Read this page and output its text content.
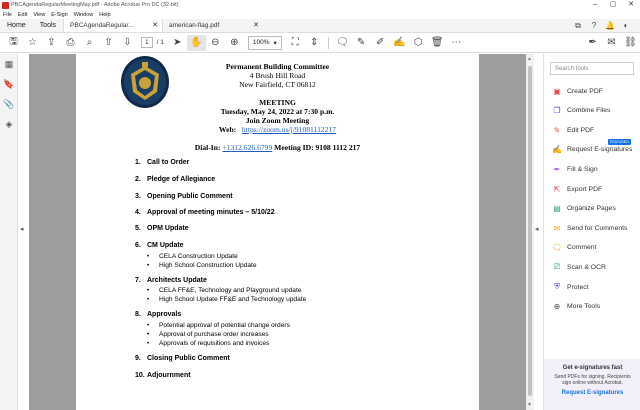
PBCAgendaRegularMeetingMay.pdf - Adobe Acrobat Pro DC (32-bit)	–	▢	✕
File Edit View E-Sign Window Help
Home	Tools	PBCAgendaRegular...	✕	american-flag.pdf	✕	⧉	?	🔔	◐
🖫	☆	⇪	⎙	⌕	⇧	⇩	1	/ 1 ➤ ✋ ⊖	⊕	100% ▾	⛶	⇕	🗨 ✎	✐ ✍ ⬡ 🗑 ⋯	✒	✉ ⛓
▦
🔖
📎
◈
◂
Permanent Building Committee
4 Brush Hill Road
New Fairfield, CT 06812
MEETING
Tuesday, May 24, 2022 at 7:30 p.m.
Join Zoom Meeting
Web: https://zoom.us/j/91081112217
Dial-In: +1312.626.6799 Meeting ID: 9108 1112 217
1. Call to Order
2. Pledge of Allegiance
3. Opening Public Comment
4. Approval of meeting minutes – 5/10/22
5. OPM Update
6. CM Update
• CELA Construction Update
• High School Construction Update
7. Architects Update
• CELA FF&E, Technology and Playground update
• High School Update FF&E and Technology update
8. Approvals
• Potential approval of potential change orders
• Approval of purchase order increases
• Approvals of requisitions and invoices
9. Closing Public Comment
10. Adjournment
▲
▼
◂
Search tools
▣ Create PDF
❐ Combine Files
✎ Edit PDF
✍ Request E-signatures
✒ Fill & Sign
⇱ Export PDF
▤ Organize Pages
✉ Send for Comments
🗨 Comment
⎚ Scan & OCR
⛨ Protect
⊕ More Tools
FEATURED
Get e-signatures fast
Send PDFs for signing. Recipients sign online without Acrobat.
Request E-signatures
